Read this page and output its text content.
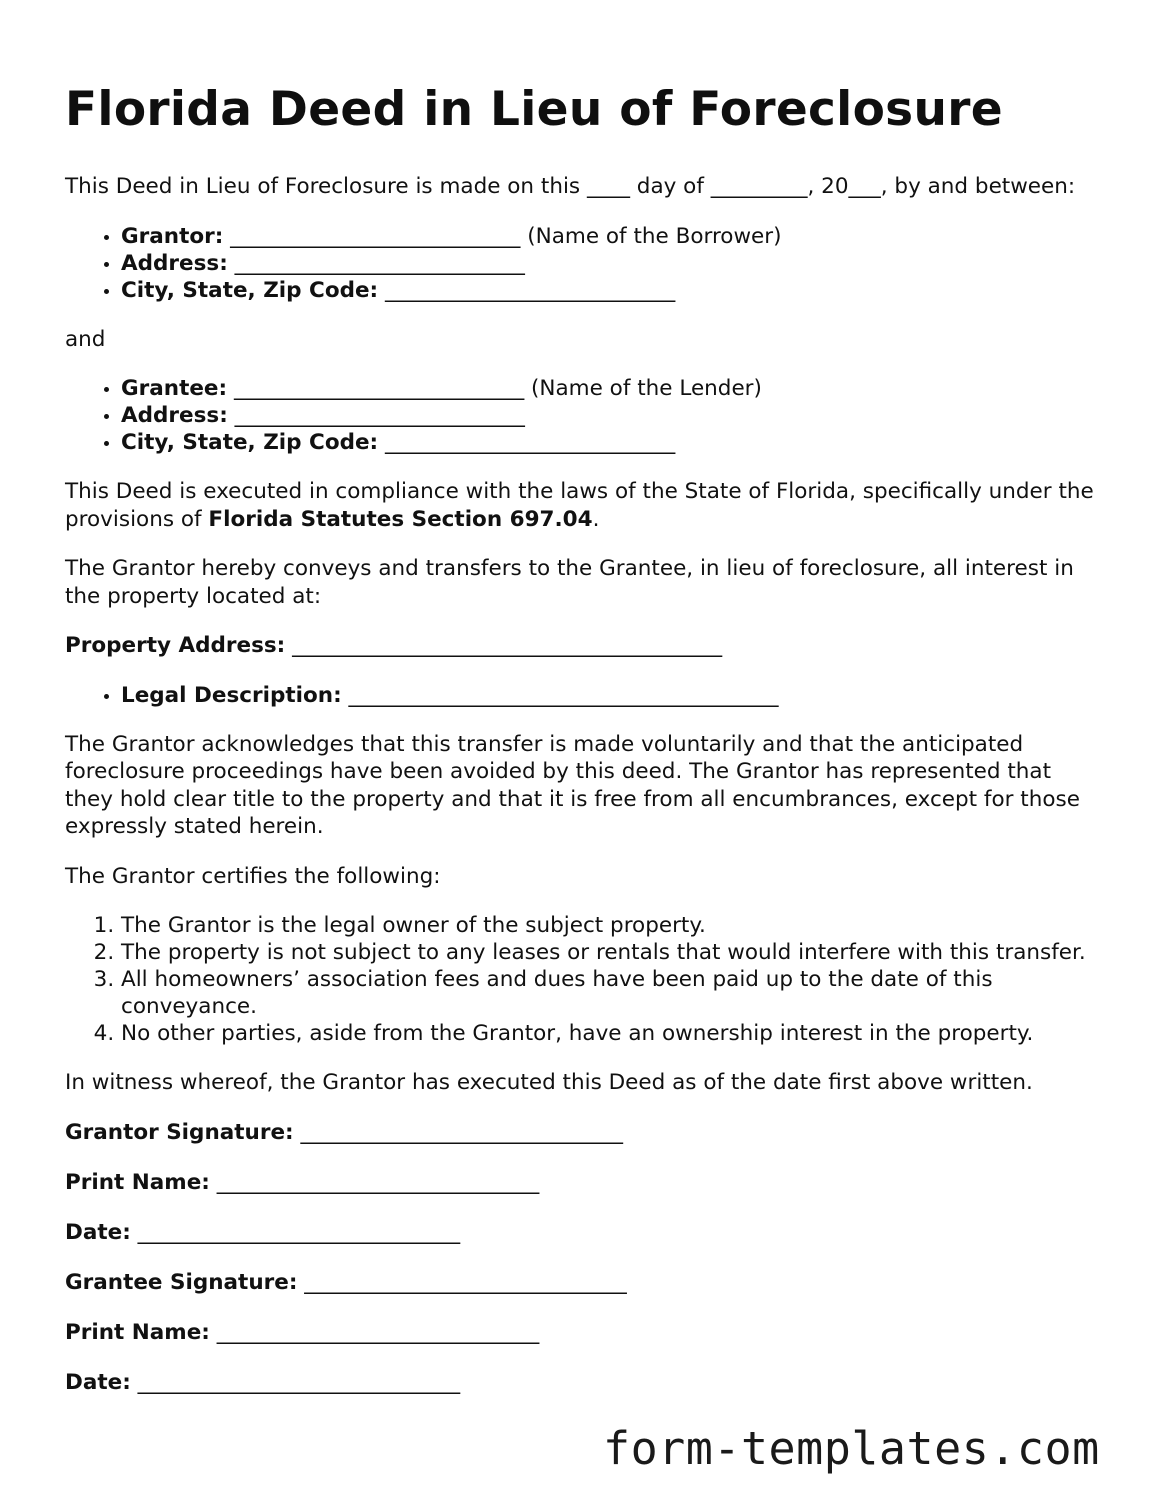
Florida Deed in Lieu of Foreclosure

This Deed in Lieu of Foreclosure is made on this ____ day of _________, 20___, by and between:

• Grantor: ___________________________ (Name of the Borrower)
• Address: ___________________________
• City, State, Zip Code: ___________________________

and

• Grantee: ___________________________ (Name of the Lender)
• Address: ___________________________
• City, State, Zip Code: ___________________________

This Deed is executed in compliance with the laws of the State of Florida, specifically under the provisions of Florida Statutes Section 697.04.

The Grantor hereby conveys and transfers to the Grantee, in lieu of foreclosure, all interest in the property located at:

Property Address: ________________________________________

• Legal Description: ________________________________________

The Grantor acknowledges that this transfer is made voluntarily and that the anticipated foreclosure proceedings have been avoided by this deed. The Grantor has represented that they hold clear title to the property and that it is free from all encumbrances, except for those expressly stated herein.

The Grantor certifies the following:

1. The Grantor is the legal owner of the subject property.
2. The property is not subject to any leases or rentals that would interfere with this transfer.
3. All homeowners’ association fees and dues have been paid up to the date of this conveyance.
4. No other parties, aside from the Grantor, have an ownership interest in the property.

In witness whereof, the Grantor has executed this Deed as of the date first above written.

Grantor Signature: ______________________________

Print Name: ______________________________

Date: ______________________________

Grantee Signature: ______________________________

Print Name: ______________________________

Date: ______________________________

form-templates.com
